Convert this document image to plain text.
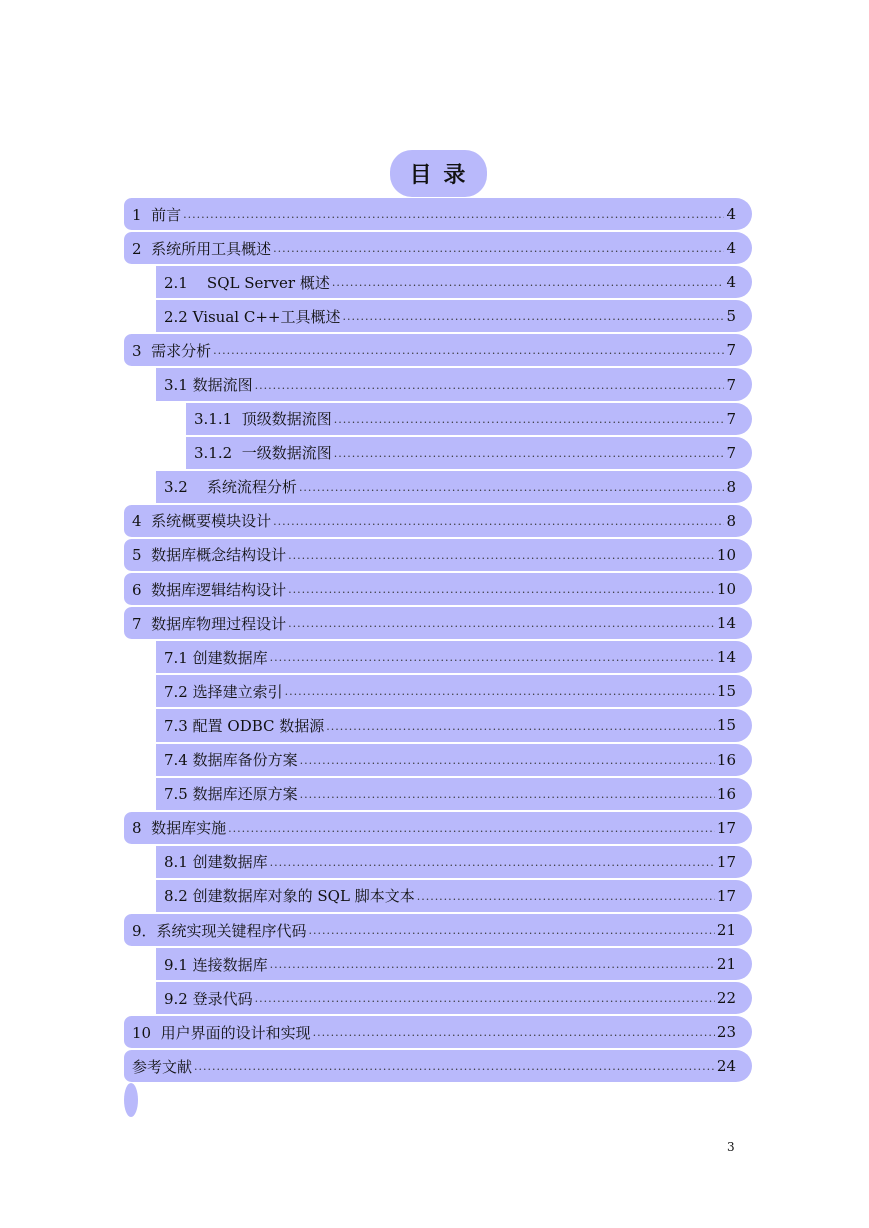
目 录
1  前言 .....	4
2  系统所用工具概述 .....	4
2.1    SQL Server 概述 .....	4
2.2 Visual C++工具概述 .....	5
3  需求分析 .....	7
3.1 数据流图 .....	7
3.1.1  顶级数据流图 .....	7
3.1.2  一级数据流图 .....	7
3.2    系统流程分析 .....	8
4  系统概要模块设计 .....	8
5  数据库概念结构设计 .....	10
6  数据库逻辑结构设计 .....	10
7  数据库物理过程设计 .....	14
7.1 创建数据库 .....	14
7.2 选择建立索引 .....	15
7.3 配置 ODBC 数据源 .....	15
7.4 数据库备份方案 .....	16
7.5 数据库还原方案 .....	16
8  数据库实施 .....	17
8.1 创建数据库 .....	17
8.2 创建数据库对象的 SQL 脚本文本 .....	17
9．系统实现关键程序代码 .....	21
9.1 连接数据库 .....	21
9.2 登录代码 .....	22
10  用户界面的设计和实现 .....	23
参考文献 .....	24
3
